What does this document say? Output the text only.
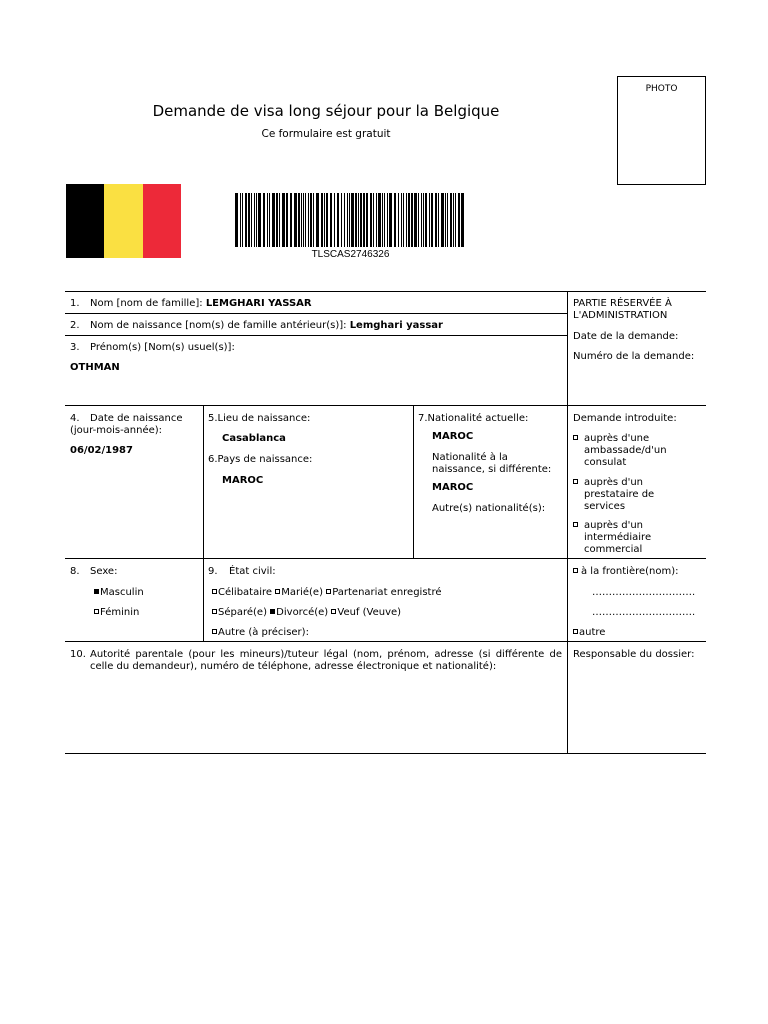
Demande de visa long séjour pour la Belgique
Ce formulaire est gratuit
PHOTO
TLSCAS2746326
1. Nom [nom de famille]: LEMGHARI YASSAR
2. Nom de naissance [nom(s) de famille antérieur(s)]: Lemghari yassar
3. Prénom(s) [Nom(s) usuel(s)]:
OTHMAN
PARTIE RÉSERVÉE À L'ADMINISTRATION
Date de la demande:
Numéro de la demande:
4. Date de naissance
(jour-mois-année):
06/02/1987
5.Lieu de naissance:
Casablanca
6.Pays de naissance:
MAROC
7.Nationalité actuelle:
MAROC
Nationalité à la naissance, si différente:
MAROC
Autre(s) nationalité(s):
Demande introduite:
auprès d'une ambassade/d'un consulat
auprès d'un prestataire de services
auprès d'un intermédiaire commercial
8. Sexe:
Masculin
Féminin
9. État civil:
Célibataire Marié(e) Partenariat enregistré
Séparé(e) Divorcé(e) Veuf (Veuve)
Autre (à préciser):
à la frontière(nom):
………………………….
………………………….
autre
10. Autorité parentale (pour les mineurs)/tuteur légal (nom, prénom, adresse (si différente de celle du demandeur), numéro de téléphone, adresse électronique et nationalité):
Responsable du dossier:
